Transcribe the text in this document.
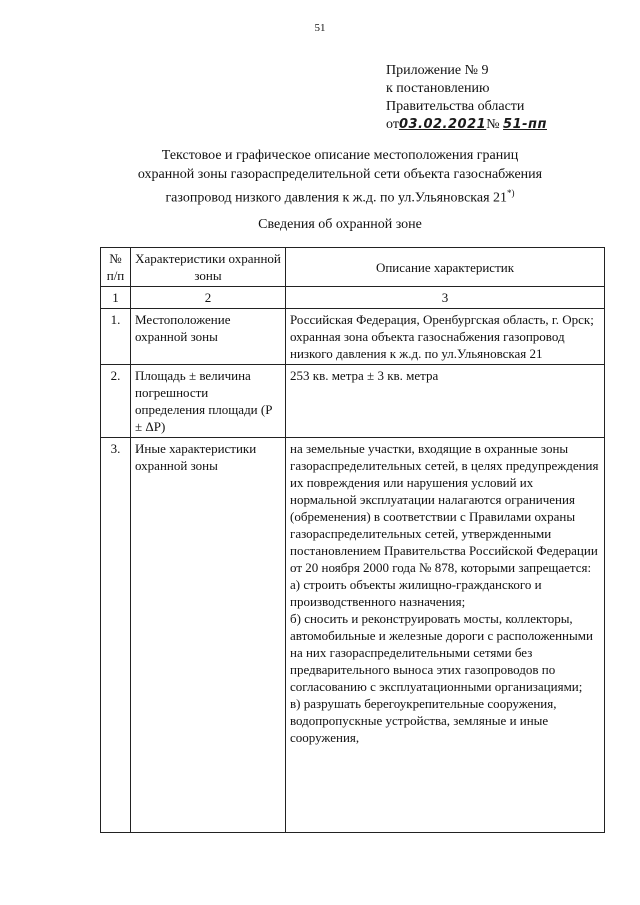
51
Приложение № 9
к постановлению
Правительства области
от03.02.2021№ 51-пп
Текстовое и графическое описание местоположения границ
охранной зоны газораспределительной сети объекта газоснабжения
газопровод низкого давления к ж.д. по ул.Ульяновская 21*)
Сведения об охранной зоне
№ п/п	Характеристики охранной зоны	Описание характеристик
1	2	3
1.	Местоположение охранной зоны	Российская Федерация, Оренбургская область, г. Орск; охранная зона объекта газоснабжения газопровод низкого давления к ж.д. по ул.Ульяновская 21
2.	Площадь ± величина погрешности определения площади (P ± ΔP)	253 кв. метра ± 3 кв. метра
3.	Иные характеристики охранной зоны	на земельные участки, входящие в охранные зоны газораспределительных сетей, в целях предупреждения их повреждения или нарушения условий их нормальной эксплуатации налагаются ограничения (обременения) в соответствии с Правилами охраны газораспределительных сетей, утвержденными постановлением Правительства Российской Федерации от 20 ноября 2000 года № 878, которыми запрещается:
а) строить объекты жилищно-гражданского и производственного назначения;
б) сносить и реконструировать мосты, коллекторы, автомобильные и железные дороги с расположенными на них газораспределительными сетями без предварительного выноса этих газопроводов по согласованию с эксплуатационными организациями;
в) разрушать берегоукрепительные сооружения, водопропускные устройства, земляные и иные сооружения,
